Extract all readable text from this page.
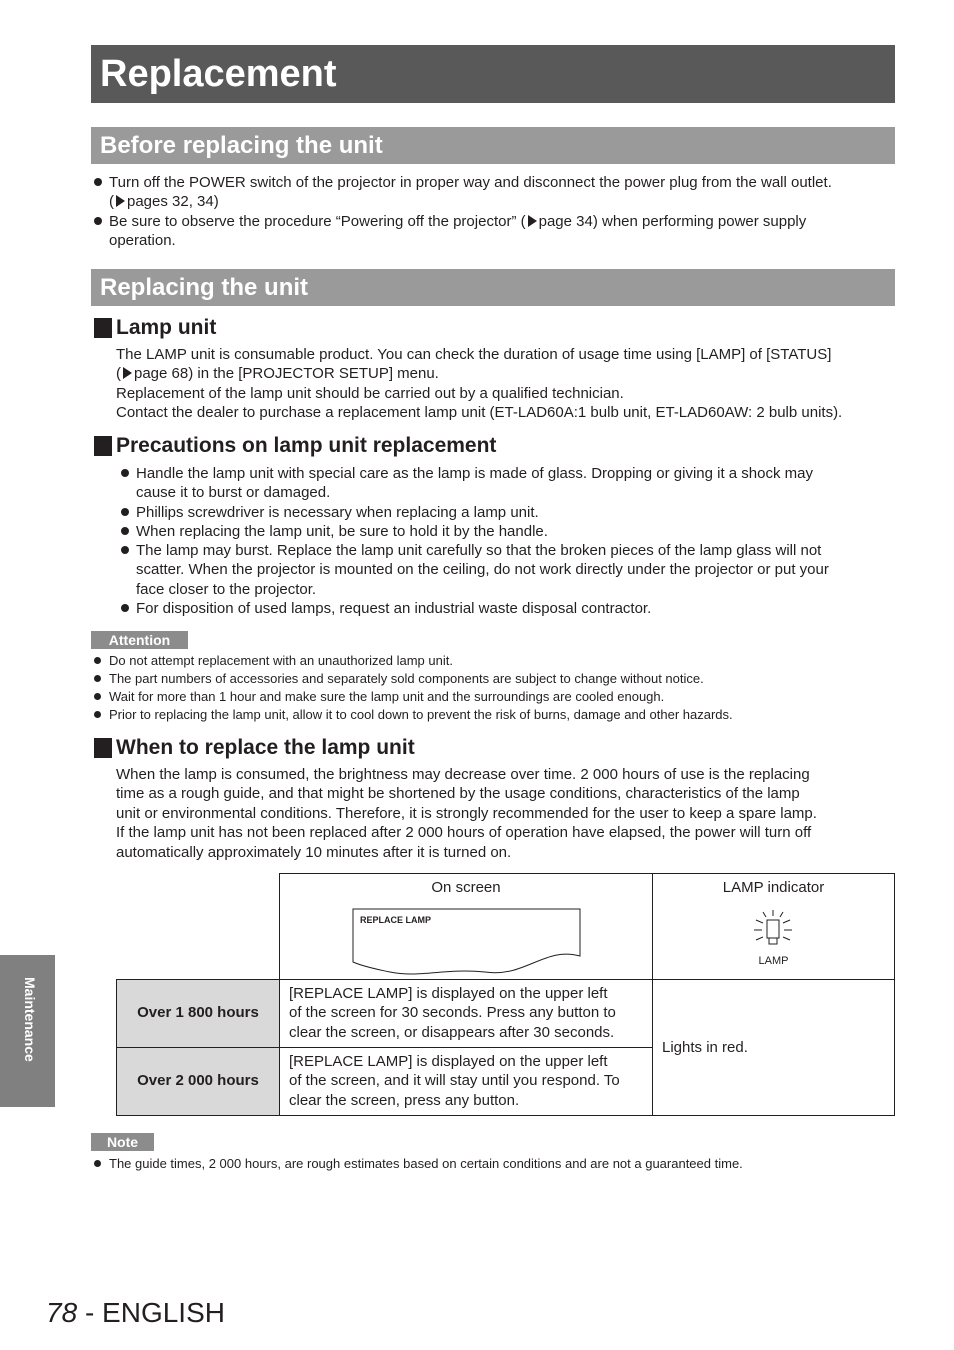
Replacement
Before replacing the unit
Turn off the POWER switch of the projector in proper way and disconnect the power plug from the wall outlet.
( pages 32, 34)
Be sure to observe the procedure “Powering off the projector” ( page 34) when performing power supply
operation.
Replacing the unit
Lamp unit
The LAMP unit is consumable product. You can check the duration of usage time using [LAMP] of [STATUS]
( page 68) in the [PROJECTOR SETUP] menu.
Replacement of the lamp unit should be carried out by a qualified technician.
Contact the dealer to purchase a replacement lamp unit (ET-LAD60A:1 bulb unit, ET-LAD60AW: 2 bulb units).
Precautions on lamp unit replacement
Handle the lamp unit with special care as the lamp is made of glass. Dropping or giving it a shock may
cause it to burst or damaged.
Phillips screwdriver is necessary when replacing a lamp unit.
When replacing the lamp unit, be sure to hold it by the handle.
The lamp may burst. Replace the lamp unit carefully so that the broken pieces of the lamp glass will not
scatter. When the projector is mounted on the ceiling, do not work directly under the projector or put your
face closer to the projector.
For disposition of used lamps, request an industrial waste disposal contractor.
Attention
Do not attempt replacement with an unauthorized lamp unit.
The part numbers of accessories and separately sold components are subject to change without notice.
Wait for more than 1 hour and make sure the lamp unit and the surroundings are cooled enough.
Prior to replacing the lamp unit, allow it to cool down to prevent the risk of burns, damage and other hazards.
When to replace the lamp unit
When the lamp is consumed, the brightness may decrease over time. 2 000 hours of use is the replacing
time as a rough guide, and that might be shortened by the usage conditions, characteristics of the lamp
unit or environmental conditions. Therefore, it is strongly recommended for the user to keep a spare lamp.
If the lamp unit has not been replaced after 2 000 hours of operation have elapsed, the power will turn off
automatically approximately 10 minutes after it is turned on.
On screen
REPLACE LAMP
LAMP indicator
LAMP
Over 1 800 hours
[REPLACE LAMP] is displayed on the upper left
of the screen for 30 seconds. Press any button to
clear the screen, or disappears after 30 seconds.
Over 2 000 hours
[REPLACE LAMP] is displayed on the upper left
of the screen, and it will stay until you respond. To
clear the screen, press any button.
Lights in red.
Note
The guide times, 2 000 hours, are rough estimates based on certain conditions and are not a guaranteed time.
Maintenance
78 - ENGLISH
